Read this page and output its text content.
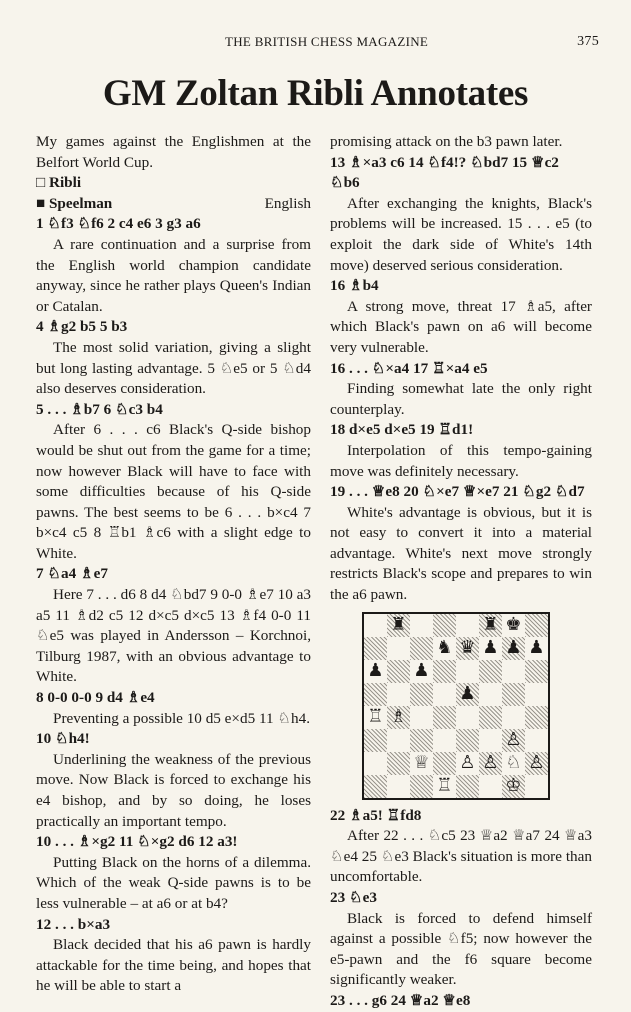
THE BRITISH CHESS MAGAZINE	375
GM Zoltan Ribli Annotates

My games against the Englishmen at the Belfort World Cup.

□ Ribli

■ Speelman	English

1 ♘f3 ♘f6 2 c4 e6 3 g3 a6

A rare continuation and a surprise from the English world champion candidate anyway, since he rather plays Queen's Indian or Catalan.

4 ♗g2 b5 5 b3

The most solid variation, giving a slight but long lasting advantage. 5 ♘e5 or 5 ♘d4 also deserves consideration.

5 . . . ♗b7 6 ♘c3 b4

After 6 . . . c6 Black's Q-side bishop would be shut out from the game for a time; now however Black will have to face with some difficulties because of his Q-side pawns. The best seems to be 6 . . . b×c4 7 b×c4 c5 8 ♖b1 ♗c6 with a slight edge to White.

7 ♘a4 ♗e7

Here 7 . . . d6 8 d4 ♘bd7 9 0-0 ♗e7 10 a3 a5 11 ♗d2 c5 12 d×c5 d×c5 13 ♗f4 0-0 11 ♘e5 was played in Andersson – Korchnoi, Tilburg 1987, with an obvious advantage to White.

8 0-0 0-0 9 d4 ♗e4

Preventing a possible 10 d5 e×d5 11 ♘h4.

10 ♘h4!

Underlining the weakness of the previous move. Now Black is forced to exchange his e4 bishop, and by so doing, he loses practically an important tempo.

10 . . . ♗×g2 11 ♘×g2 d6 12 a3!

Putting Black on the horns of a dilemma. Which of the weak Q-side pawns is to be less vulnerable – at a6 or at b4?

12 . . . b×a3

Black decided that his a6 pawn is hardly attackable for the time being, and hopes that he will be able to start a

promising attack on the b3 pawn later.

13 ♗×a3 c6 14 ♘f4!? ♘bd7 15 ♕c2 ♘b6

After exchanging the knights, Black's problems will be increased. 15 . . . e5 (to exploit the dark side of White's 14th move) deserved serious consideration.

16 ♗b4

A strong move, threat 17 ♗a5, after which Black's pawn on a6 will become very vulnerable.

16 . . . ♘×a4 17 ♖×a4 e5

Finding somewhat late the only right counterplay.

18 d×e5 d×e5 19 ♖d1!

Interpolation of this tempo-gaining move was definitely necessary.

19 . . . ♕e8 20 ♘×e7 ♕×e7 21 ♘g2 ♘d7

White's advantage is obvious, but it is not easy to convert it into a material advantage. White's next move strongly restricts Black's scope and prepares to win the a6 pawn.

♜	♜ ♚
♞ ♛ ♟ ♟ ♟
♟ ♟
♟
♖ ♗
♙
♕ ♙ ♙ ♘ ♙
♖	♔

22 ♗a5! ♖fd8

After 22 . . . ♘c5 23 ♕a2 ♕a7 24 ♕a3 ♘e4 25 ♘e3 Black's situation is more than uncomfortable.

23 ♘e3

Black is forced to defend himself against a possible ♘f5; now however the e5-pawn and the f6 square become significantly weaker.

23 . . . g6 24 ♕a2 ♕e8
